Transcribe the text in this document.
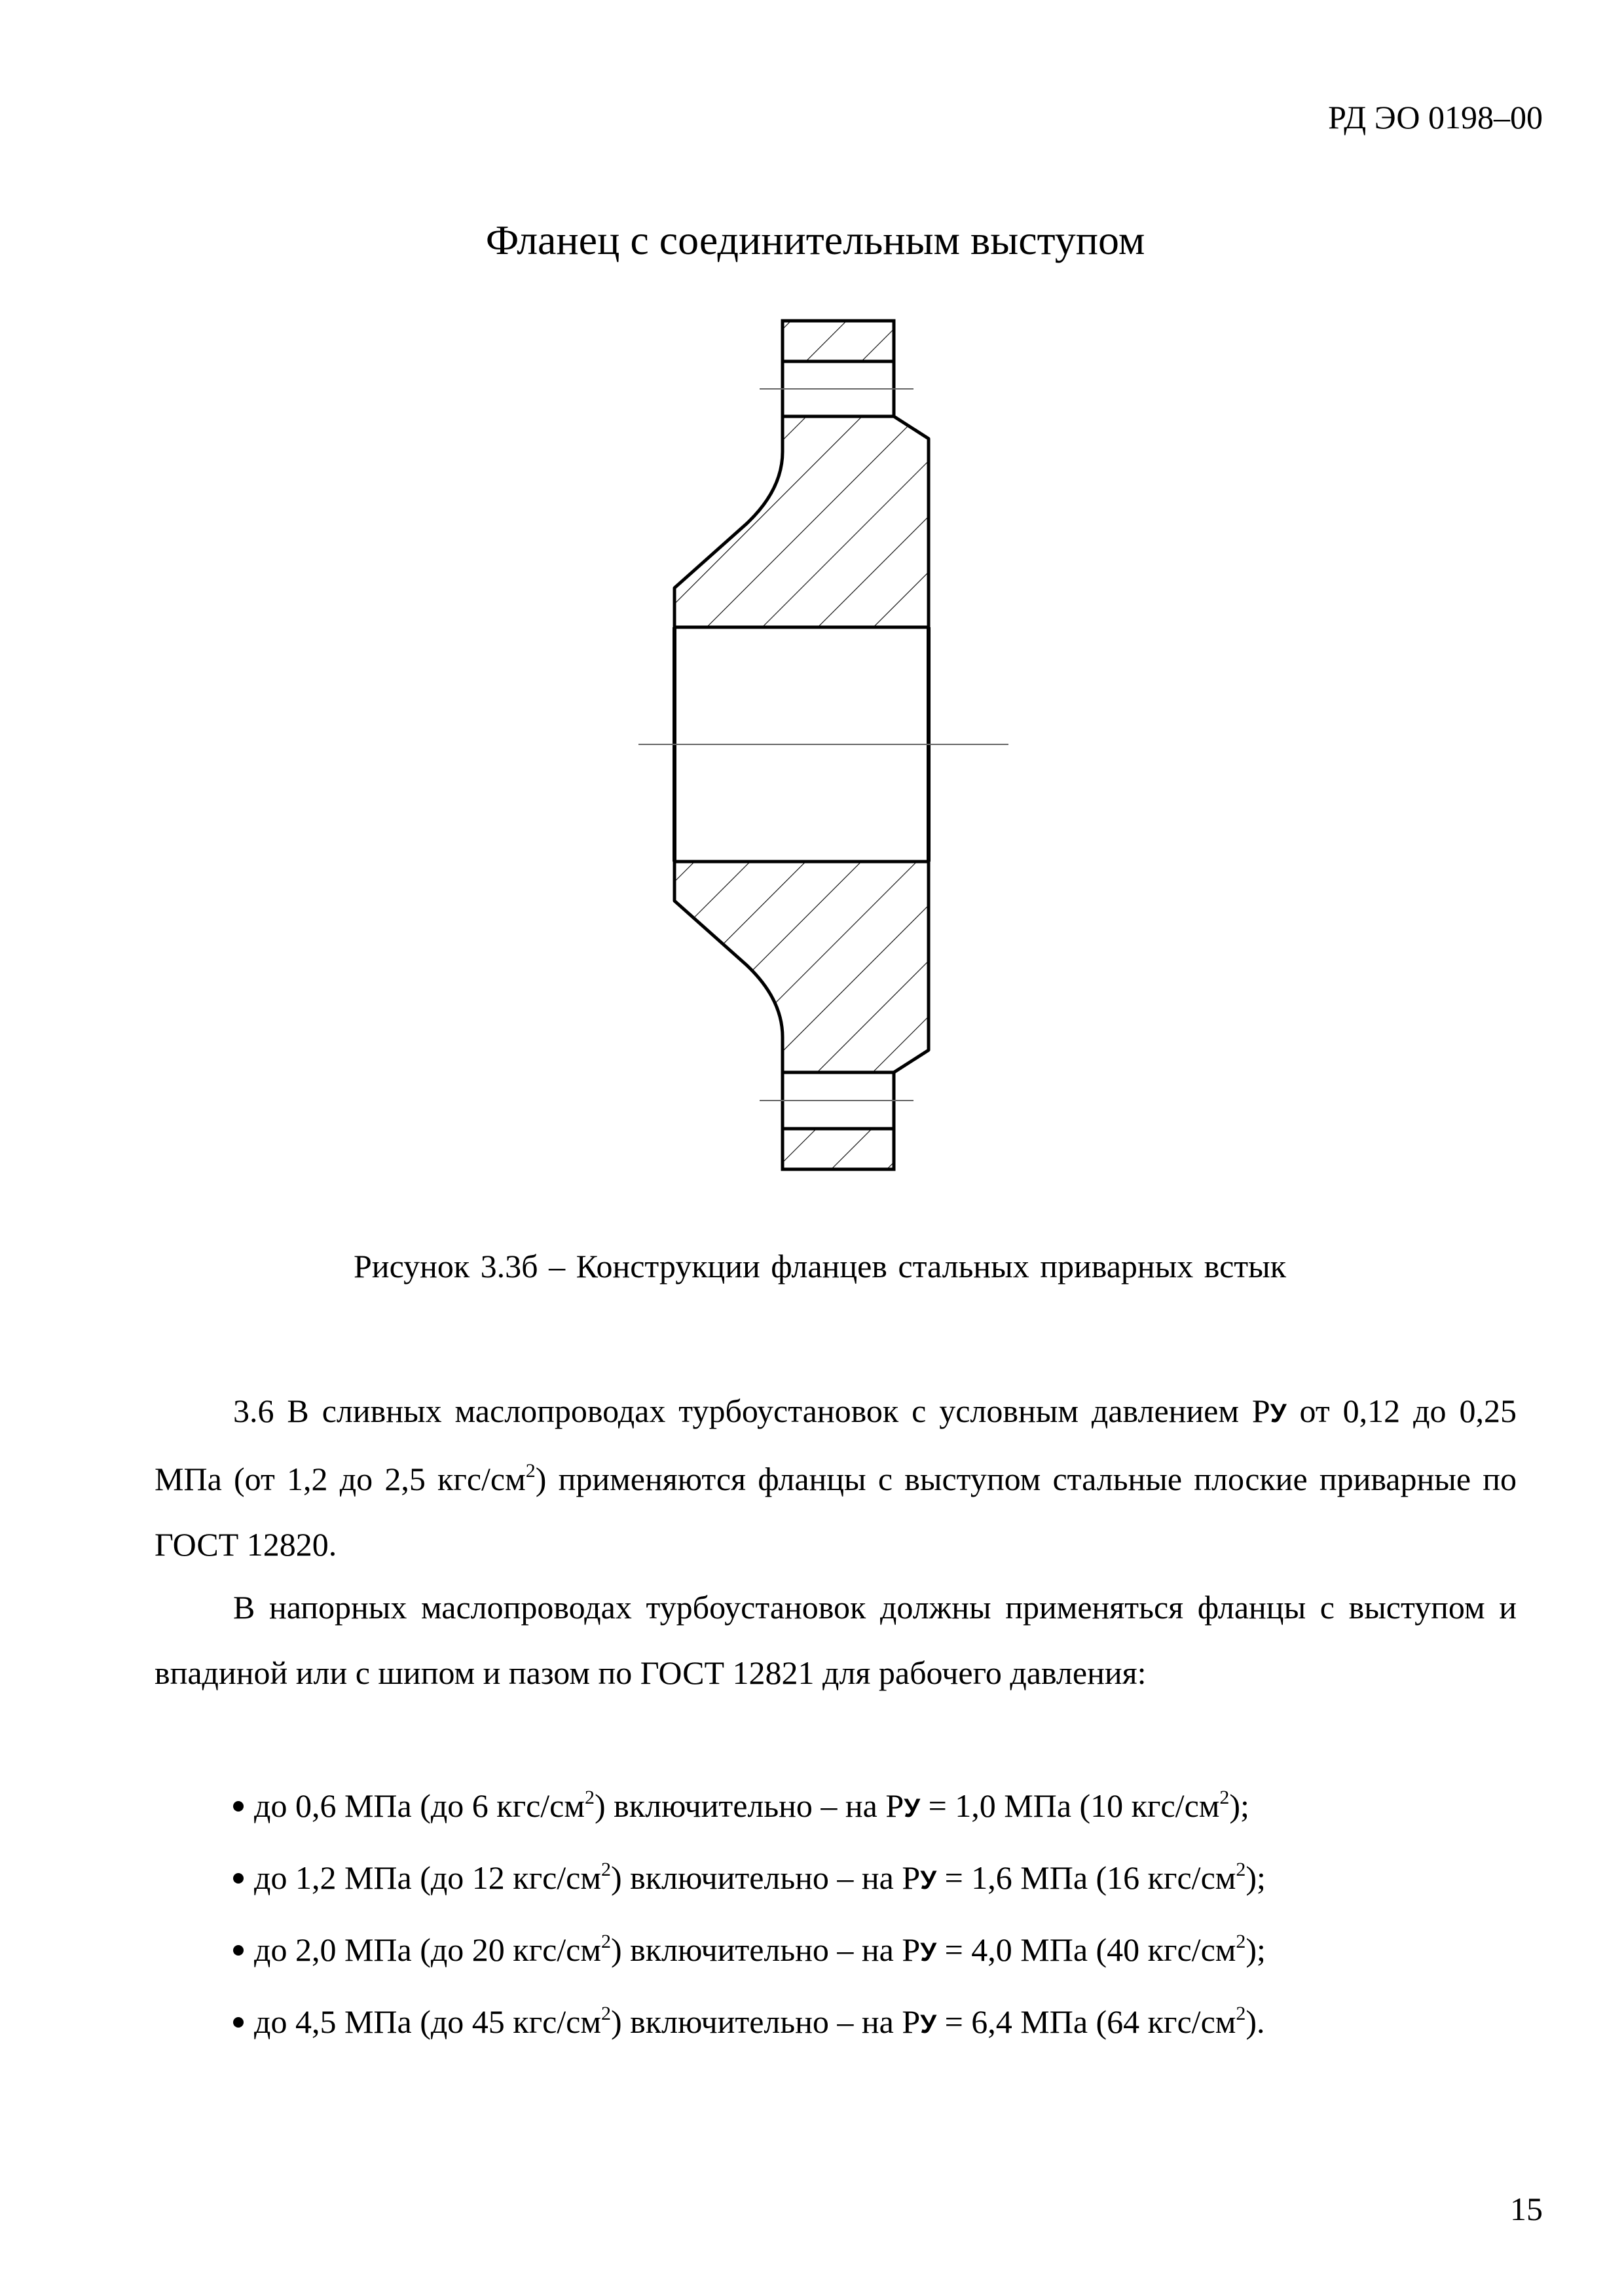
РД ЭО 0198–00
Фланец с соединительным выступом
Рисунок 3.3б – Конструкции фланцев стальных приварных встык
3.6 В сливных маслопроводах турбоустановок с условным давлением PУ от 0,12 до 0,25 МПа (от 1,2 до 2,5 кгс/$см^2$) применяются фланцы с выступом стальные плоские приварные по ГОСТ 12820.
В напорных маслопроводах турбоустановок должны применяться фланцы с выступом и впадиной или с шипом и пазом по ГОСТ 12821 для рабочего давления:
до 0,6 МПа (до 6 кгс/$см^2$) включительно – на PУ = 1,0 МПа (10 кгс/$см^2$);
до 1,2 МПа (до 12 кгс/$см^2$) включительно – на PУ = 1,6 МПа (16 кгс/$см^2$);
до 2,0 МПа (до 20 кгс/$см^2$) включительно – на PУ = 4,0 МПа (40 кгс/$см^2$);
до 4,5 МПа (до 45 кгс/$см^2$) включительно – на PУ = 6,4 МПа (64 кгс/$см^2$).
15
